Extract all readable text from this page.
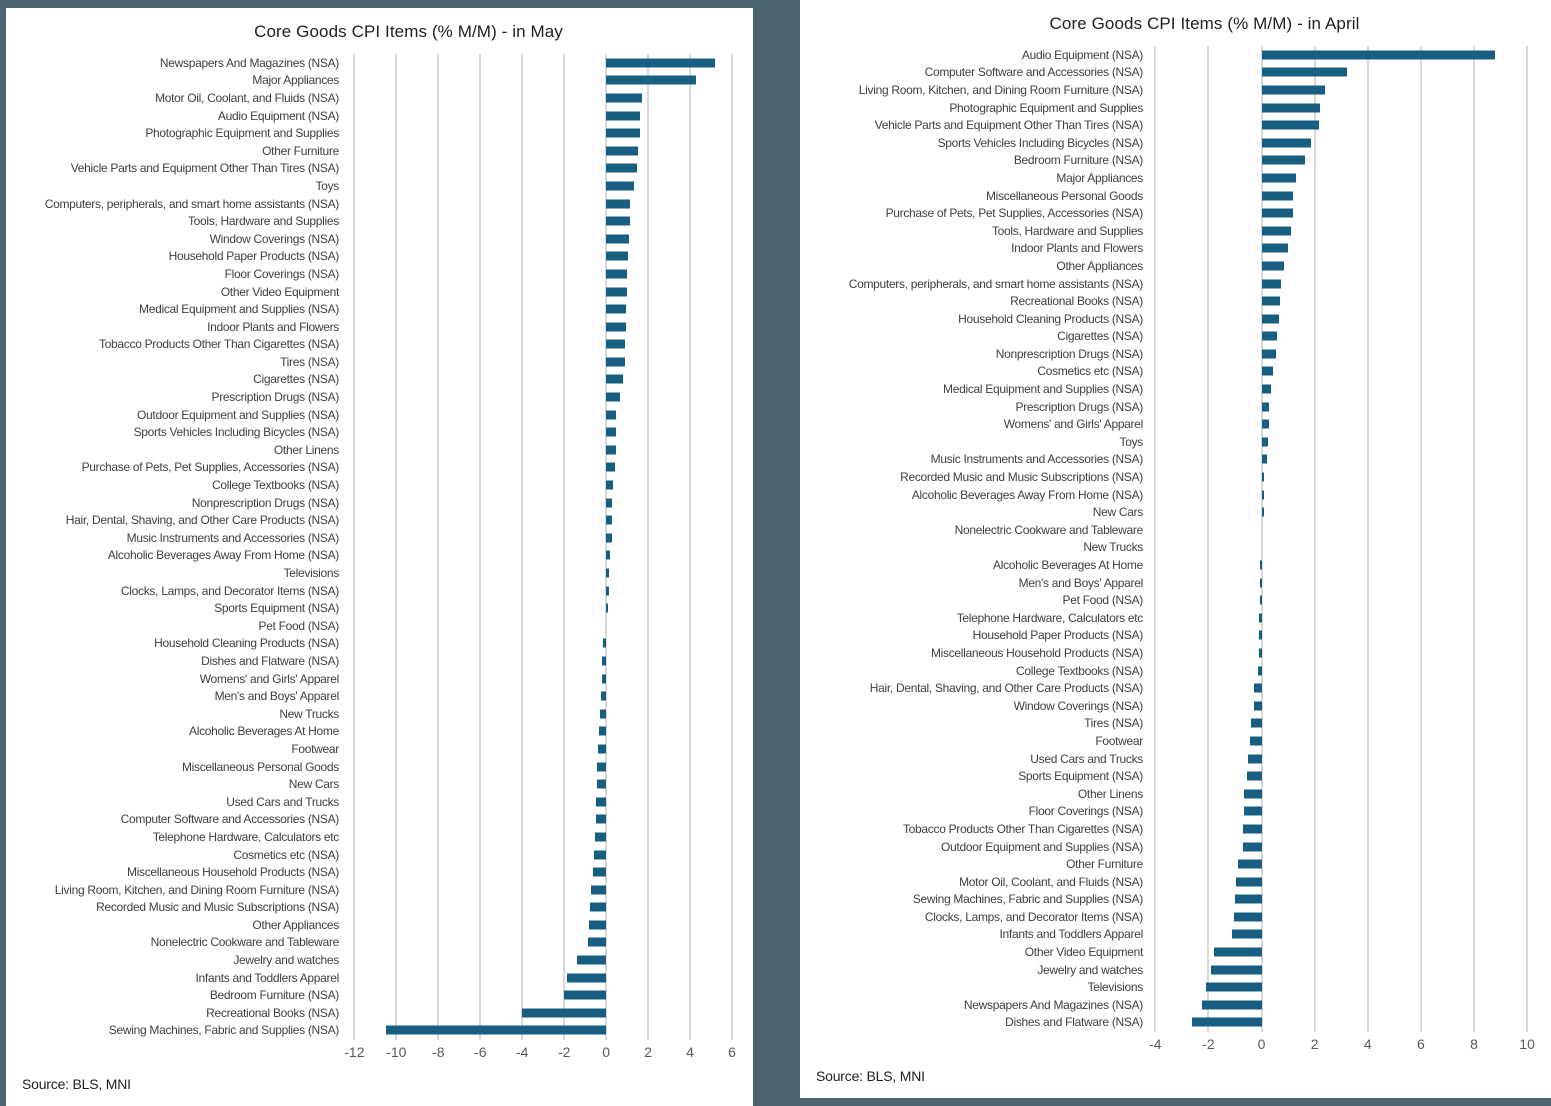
Core Goods CPI Items (% M/M) - in May
Newspapers And Magazines (NSA)
Major Appliances
Motor Oil, Coolant, and Fluids (NSA)
Audio Equipment (NSA)
Photographic Equipment and Supplies
Other Furniture
Vehicle Parts and Equipment Other Than Tires (NSA)
Toys
Computers, peripherals, and smart home assistants (NSA)
Tools, Hardware and Supplies
Window Coverings (NSA)
Household Paper Products (NSA)
Floor Coverings (NSA)
Other Video Equipment
Medical Equipment and Supplies (NSA)
Indoor Plants and Flowers
Tobacco Products Other Than Cigarettes (NSA)
Tires (NSA)
Cigarettes (NSA)
Prescription Drugs (NSA)
Outdoor Equipment and Supplies (NSA)
Sports Vehicles Including Bicycles (NSA)
Other Linens
Purchase of Pets, Pet Supplies, Accessories (NSA)
College Textbooks (NSA)
Nonprescription Drugs (NSA)
Hair, Dental, Shaving, and Other Care Products (NSA)
Music Instruments and Accessories (NSA)
Alcoholic Beverages Away From Home (NSA)
Televisions
Clocks, Lamps, and Decorator Items (NSA)
Sports Equipment (NSA)
Pet Food (NSA)
Household Cleaning Products (NSA)
Dishes and Flatware (NSA)
Womens' and Girls' Apparel
Men's and Boys' Apparel
New Trucks
Alcoholic Beverages At Home
Footwear
Miscellaneous Personal Goods
New Cars
Used Cars and Trucks
Computer Software and Accessories (NSA)
Telephone Hardware, Calculators etc
Cosmetics etc (NSA)
Miscellaneous Household Products (NSA)
Living Room, Kitchen, and Dining Room Furniture (NSA)
Recorded Music and Music Subscriptions (NSA)
Other Appliances
Nonelectric Cookware and Tableware
Jewelry and watches
Infants and Toddlers Apparel
Bedroom Furniture (NSA)
Recreational Books (NSA)
Sewing Machines, Fabric and Supplies (NSA)
-12 -10 -8 -6 -4 -2 0 2 4 6
Source: BLS, MNI
Core Goods CPI Items (% M/M) - in April
Audio Equipment (NSA)
Computer Software and Accessories (NSA)
Living Room, Kitchen, and Dining Room Furniture (NSA)
Photographic Equipment and Supplies
Vehicle Parts and Equipment Other Than Tires (NSA)
Sports Vehicles Including Bicycles (NSA)
Bedroom Furniture (NSA)
Major Appliances
Miscellaneous Personal Goods
Purchase of Pets, Pet Supplies, Accessories (NSA)
Tools, Hardware and Supplies
Indoor Plants and Flowers
Other Appliances
Computers, peripherals, and smart home assistants (NSA)
Recreational Books (NSA)
Household Cleaning Products (NSA)
Cigarettes (NSA)
Nonprescription Drugs (NSA)
Cosmetics etc (NSA)
Medical Equipment and Supplies (NSA)
Prescription Drugs (NSA)
Womens' and Girls' Apparel
Toys
Music Instruments and Accessories (NSA)
Recorded Music and Music Subscriptions (NSA)
Alcoholic Beverages Away From Home (NSA)
New Cars
Nonelectric Cookware and Tableware
New Trucks
Alcoholic Beverages At Home
Men's and Boys' Apparel
Pet Food (NSA)
Telephone Hardware, Calculators etc
Household Paper Products (NSA)
Miscellaneous Household Products (NSA)
College Textbooks (NSA)
Hair, Dental, Shaving, and Other Care Products (NSA)
Window Coverings (NSA)
Tires (NSA)
Footwear
Used Cars and Trucks
Sports Equipment (NSA)
Other Linens
Floor Coverings (NSA)
Tobacco Products Other Than Cigarettes (NSA)
Outdoor Equipment and Supplies (NSA)
Other Furniture
Motor Oil, Coolant, and Fluids (NSA)
Sewing Machines, Fabric and Supplies (NSA)
Clocks, Lamps, and Decorator Items (NSA)
Infants and Toddlers Apparel
Other Video Equipment
Jewelry and watches
Televisions
Newspapers And Magazines (NSA)
Dishes and Flatware (NSA)
-4	-2	0	2	4	6	8	10
Source: BLS, MNI
